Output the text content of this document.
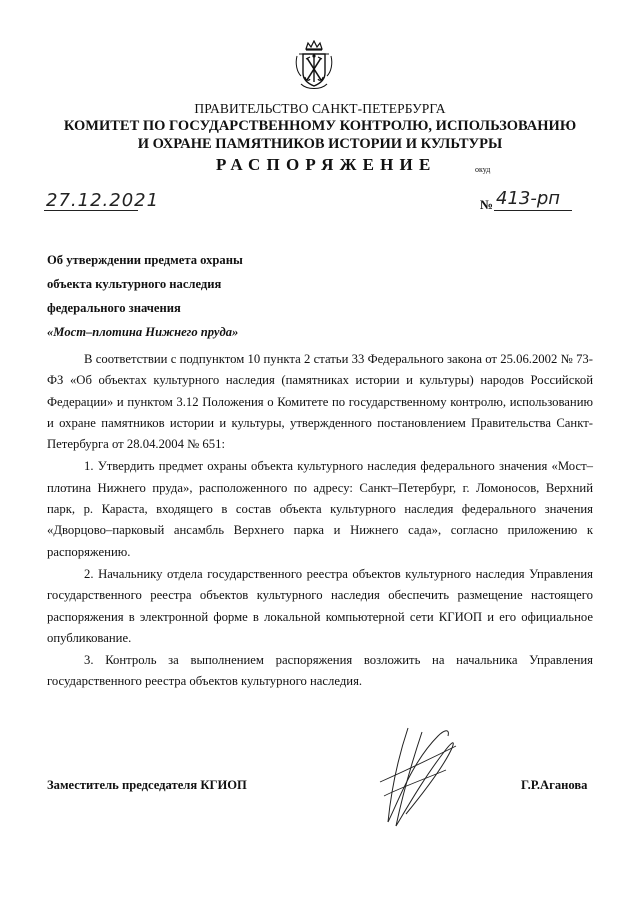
ПРАВИТЕЛЬСТВО САНКТ-ПЕТЕРБУРГА
КОМИТЕТ ПО ГОСУДАРСТВЕННОМУ КОНТРОЛЮ, ИСПОЛЬЗОВАНИЮ
И ОХРАНЕ ПАМЯТНИКОВ ИСТОРИИ И КУЛЬТУРЫ
РАСПОРЯЖЕНИЕ	окуд
27.12.2021	№ 413-рп
Об утверждении предмета охраны
объекта культурного наследия
федерального значения
«Мост–плотина Нижнего пруда»

В соответствии с подпунктом 10 пункта 2 статьи 33 Федерального закона от 25.06.2002 № 73-ФЗ «Об объектах культурного наследия (памятниках истории и культуры) народов Российской Федерации» и пунктом 3.12 Положения о Комитете по государственному контролю, использованию и охране памятников истории и культуры, утвержденного постановлением Правительства Санкт-Петербурга от 28.04.2004 № 651:

1. Утвердить предмет охраны объекта культурного наследия федерального значения «Мост–плотина Нижнего пруда», расположенного по адресу: Санкт–Петербург, г. Ломоносов, Верхний парк, р. Караста, входящего в состав объекта культурного наследия федерального значения «Дворцово–парковый ансамбль Верхнего парка и Нижнего сада», согласно приложению к распоряжению.

2. Начальнику отдела государственного реестра объектов культурного наследия Управления государственного реестра объектов культурного наследия обеспечить размещение настоящего распоряжения в электронной форме в локальной компьютерной сети КГИОП и его официальное опубликование.

3. Контроль за выполнением распоряжения возложить на начальника Управления государственного реестра объектов культурного наследия.

Заместитель председателя КГИОП	Г.Р.Аганова
